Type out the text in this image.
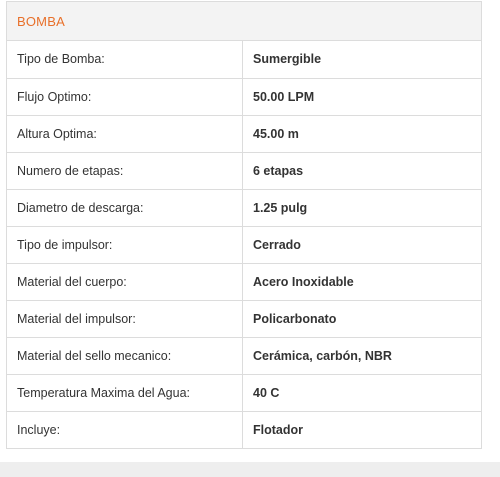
BOMBA
Tipo de Bomba:	Sumergible
Flujo Optimo:	50.00 LPM
Altura Optima:	45.00 m
Numero de etapas:	6 etapas
Diametro de descarga:	1.25 pulg
Tipo de impulsor:	Cerrado
Material del cuerpo:	Acero Inoxidable
Material del impulsor:	Policarbonato
Material del sello mecanico:	Cerámica, carbón, NBR
Temperatura Maxima del Agua:	40 C
Incluye:	Flotador
